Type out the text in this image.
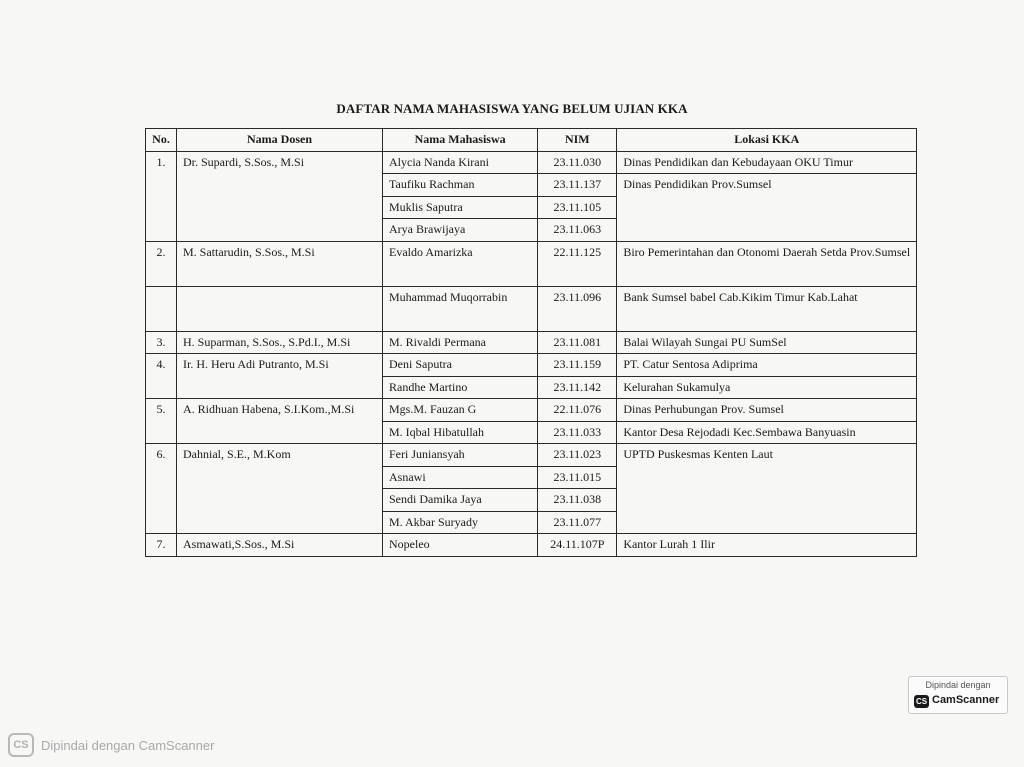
DAFTAR NAMA MAHASISWA YANG BELUM UJIAN KKA
No.	Nama Dosen	Nama Mahasiswa	NIM	Lokasi KKA
1.	Dr. Supardi, S.Sos., M.Si	Alycia Nanda Kirani	23.11.030	Dinas Pendidikan dan Kebudayaan OKU Timur
		Taufiku Rachman	23.11.137	Dinas Pendidikan Prov.Sumsel
		Muklis Saputra	23.11.105	
		Arya Brawijaya	23.11.063	
2.	M. Sattarudin, S.Sos., M.Si	Evaldo Amarizka	22.11.125	Biro Pemerintahan dan Otonomi Daerah Setda Prov.Sumsel
		Muhammad Muqorrabin	23.11.096	Bank Sumsel babel Cab.Kikim Timur Kab.Lahat
3.	H. Suparman, S.Sos., S.Pd.I., M.Si	M. Rivaldi Permana	23.11.081	Balai Wilayah Sungai PU SumSel
4.	Ir. H. Heru Adi Putranto, M.Si	Deni Saputra	23.11.159	PT. Catur Sentosa Adiprima
		Randhe Martino	23.11.142	Kelurahan Sukamulya
5.	A. Ridhuan Habena, S.I.Kom.,M.Si	Mgs.M. Fauzan G	22.11.076	Dinas Perhubungan Prov. Sumsel
		M. Iqbal Hibatullah	23.11.033	Kantor Desa Rejodadi Kec.Sembawa Banyuasin
6.	Dahnial, S.E., M.Kom	Feri Juniansyah	23.11.023	UPTD Puskesmas Kenten Laut
		Asnawi	23.11.015	
		Sendi Damika Jaya	23.11.038	
		M. Akbar Suryady	23.11.077	
7.	Asmawati,S.Sos., M.Si	Nopeleo	24.11.107P	Kantor Lurah 1 Ilir
Dipindai dengan
CS CamScanner
CS Dipindai dengan CamScanner
